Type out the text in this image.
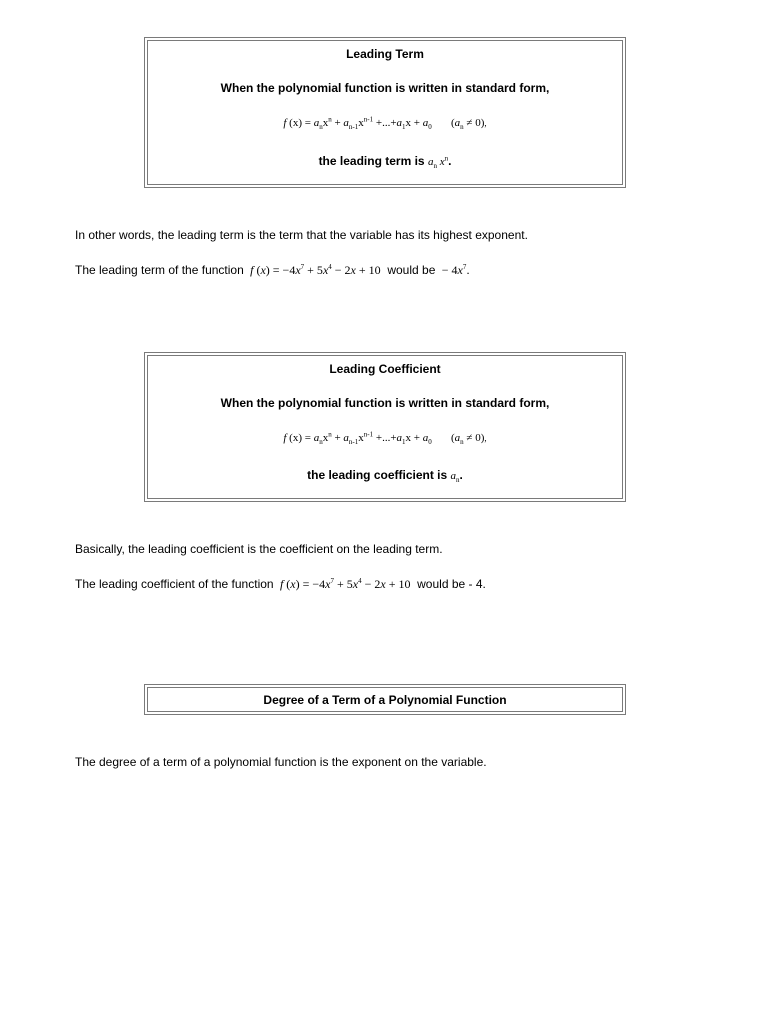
Leading Term
When the polynomial function is written in standard form,
f $(x) = a_nx^n + a_{n-1}x^{n-1} +...+a_1x + a_0$       $(a_n \ne 0)$,
the leading term is $a_n$ $x^n$.
In other words, the leading term is the term that the variable has its highest exponent.
The leading term of the function f $(x) = -4x^7 + 5x^4 - 2x + 10$ would be  − $4x^7$.
Leading Coefficient
When the polynomial function is written in standard form,
f $(x) = a_nx^n + a_{n-1}x^{n-1} +...+a_1x + a_0$       $(a_n \ne 0)$,
the leading coefficient is $a_n$.
Basically, the leading coefficient is the coefficient on the leading term.
The leading coefficient of the function f $(x) = -4x^7 + 5x^4 - 2x + 10$ would be - 4.
Degree of a Term of a Polynomial Function
The degree of a term of a polynomial function is the exponent on the variable.
